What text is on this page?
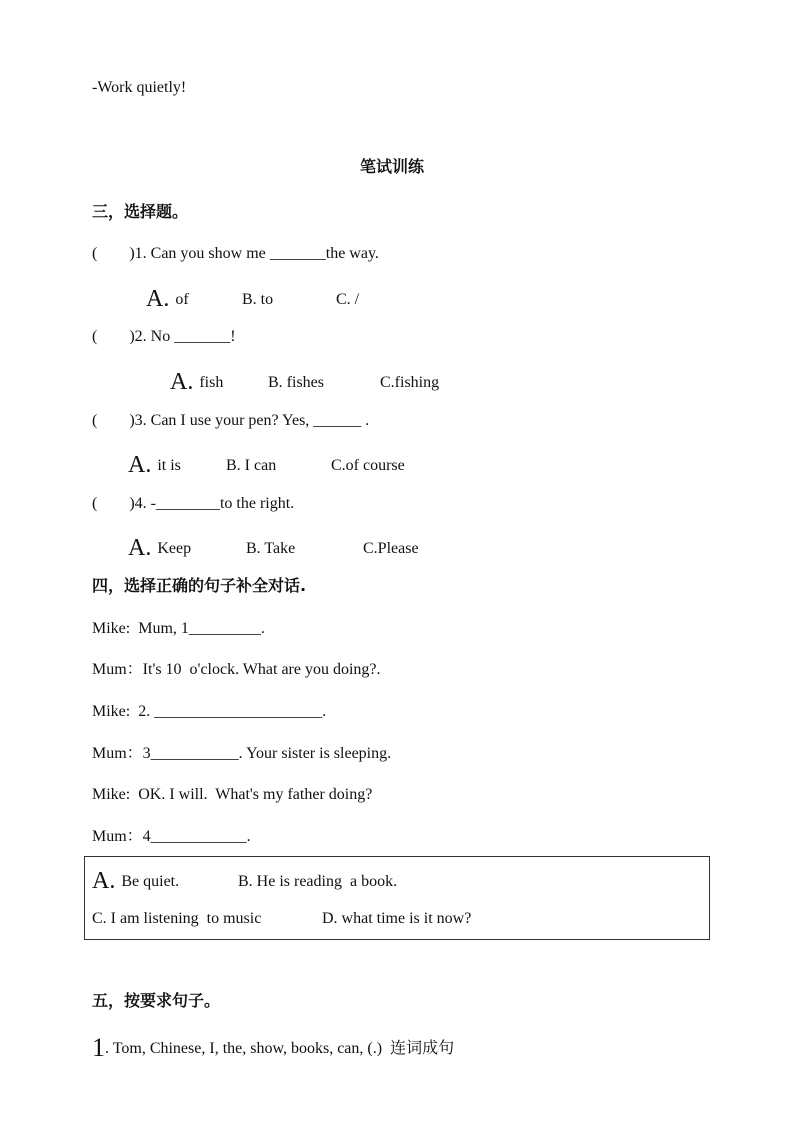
-Work quietly!
笔试训练
三，选择题。
(        )1. Can you show me _______the way.
A. of	B. to	C. /
(        )2. No _______!
A. fish	B. fishes	C.fishing
(        )3. Can I use your pen? Yes, ______ .
A. it is	B. I can	C.of course
(        )4. -________to the right.
A. Keep	B. Take	C.Please
四，选择正确的句子补全对话.
Mike:  Mum, 1_________.
Mum：It's 10  o'clock. What are you doing?.
Mike:  2. _____________________.
Mum：3___________. Your sister is sleeping.
Mike:  OK. I will.  What's my father doing?
Mum：4____________.
A. Be quiet.	B. He is reading  a book.
C. I am listening  to music	D. what time is it now?
五，按要求句子。
1. Tom, Chinese, I, the, show, books, can, (.)  连词成句
